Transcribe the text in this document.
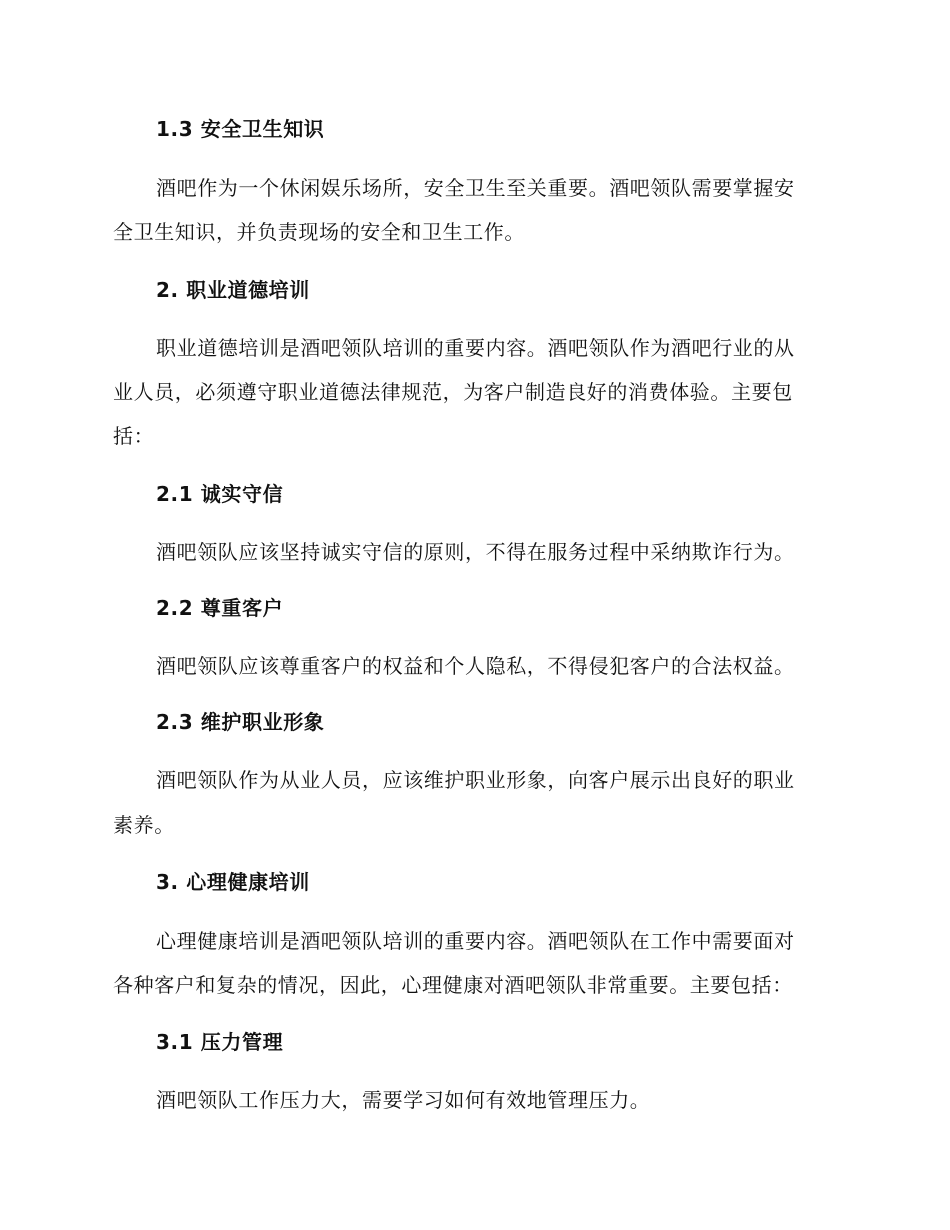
1.3 安全卫生知识
酒吧作为一个休闲娱乐场所，安全卫生至关重要。酒吧领队需要掌握安
全卫生知识，并负责现场的安全和卫生工作。
2. 职业道德培训
职业道德培训是酒吧领队培训的重要内容。酒吧领队作为酒吧行业的从
业人员，必须遵守职业道德法律规范，为客户制造良好的消费体验。主要包
括：
2.1 诚实守信
酒吧领队应该坚持诚实守信的原则，不得在服务过程中采纳欺诈行为。
2.2 尊重客户
酒吧领队应该尊重客户的权益和个人隐私，不得侵犯客户的合法权益。
2.3 维护职业形象
酒吧领队作为从业人员，应该维护职业形象，向客户展示出良好的职业
素养。
3. 心理健康培训
心理健康培训是酒吧领队培训的重要内容。酒吧领队在工作中需要面对
各种客户和复杂的情况，因此，心理健康对酒吧领队非常重要。主要包括：
3.1 压力管理
酒吧领队工作压力大，需要学习如何有效地管理压力。
